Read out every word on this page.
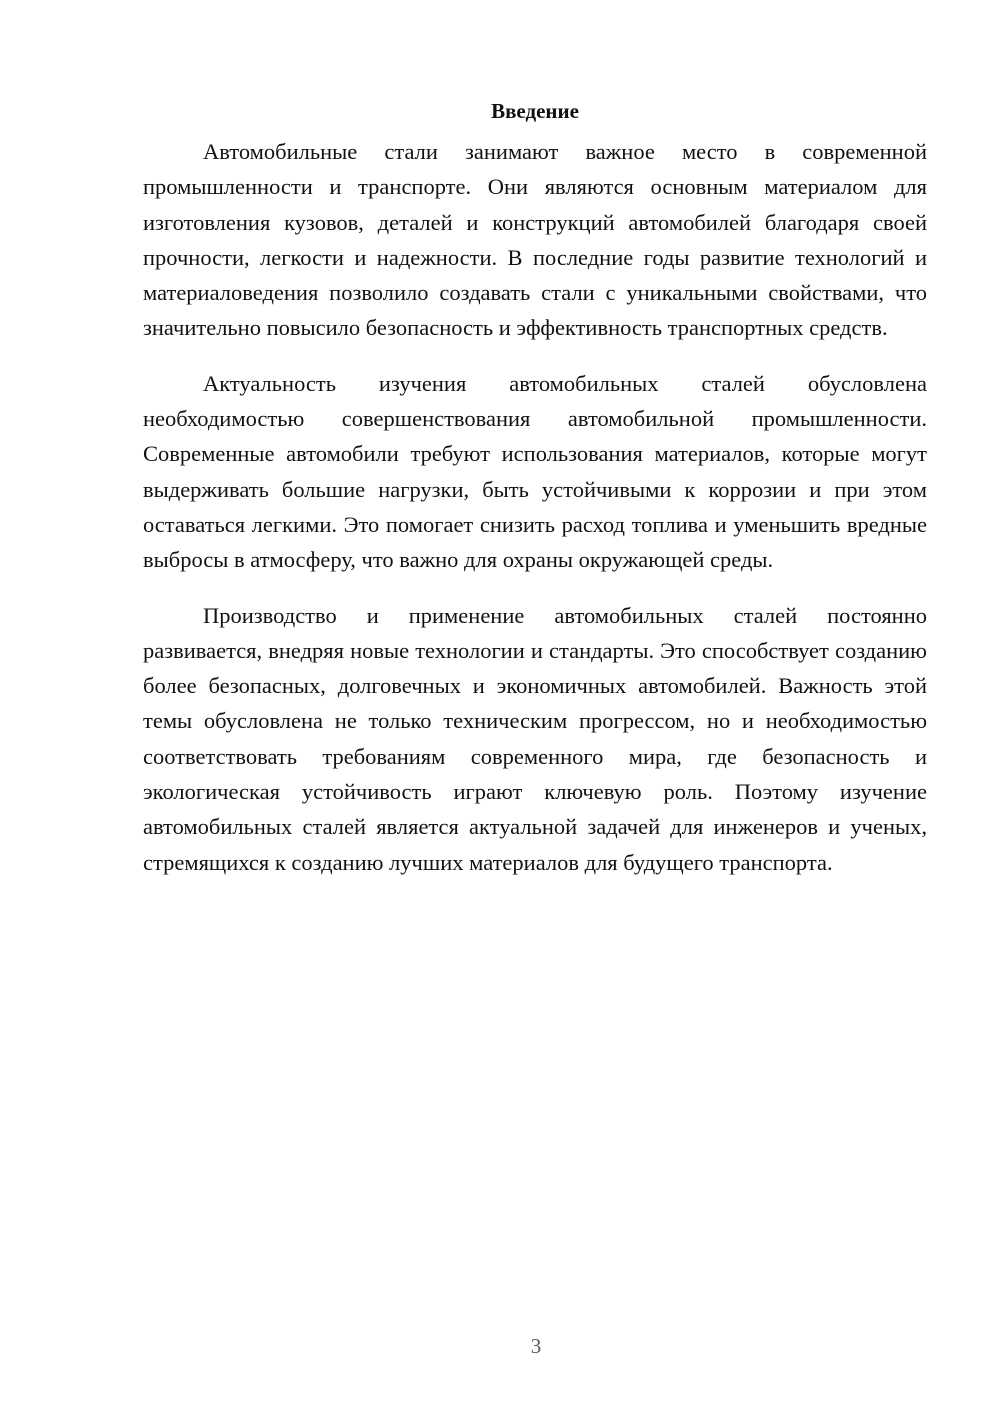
Введение

Автомобильные стали занимают важное место в современной промышленности и транспорте. Они являются основным материалом для изготовления кузовов, деталей и конструкций автомобилей благодаря своей прочности, легкости и надежности. В последние годы развитие технологий и материаловедения позволило создавать стали с уникальными свойствами, что значительно повысило безопасность и эффективность транспортных средств.

Актуальность изучения автомобильных сталей обусловлена необходимостью совершенствования автомобильной промышленности. Современные автомобили требуют использования материалов, которые могут выдерживать большие нагрузки, быть устойчивыми к коррозии и при этом оставаться легкими. Это помогает снизить расход топлива и уменьшить вредные выбросы в атмосферу, что важно для охраны окружающей среды.

Производство и применение автомобильных сталей постоянно развивается, внедряя новые технологии и стандарты. Это способствует созданию более безопасных, долговечных и экономичных автомобилей. Важность этой темы обусловлена не только техническим прогрессом, но и необходимостью соответствовать требованиям современного мира, где безопасность и экологическая устойчивость играют ключевую роль. Поэтому изучение автомобильных сталей является актуальной задачей для инженеров и ученых, стремящихся к созданию лучших материалов для будущего транспорта.

3
